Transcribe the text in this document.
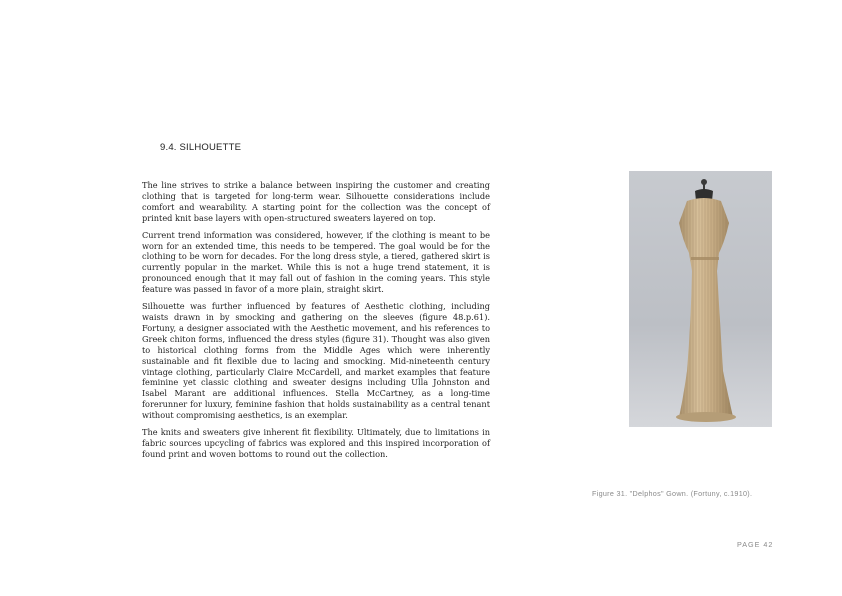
9.4. SILHOUETTE

The line strives to strike a balance between inspiring the customer and creating clothing that is targeted for long-term wear. Silhouette considerations include comfort and wearability. A starting point for the collection was the concept of printed knit base layers with open-structured sweaters layered on top.

Current trend information was considered, however, if the clothing is meant to be worn for an extended time, this needs to be tempered. The goal would be for the clothing to be worn for decades. For the long dress style, a tiered, gathered skirt is currently popular in the market. While this is not a huge trend statement, it is pronounced enough that it may fall out of fashion in the coming years. This style feature was passed in favor of a more plain, straight skirt.

Silhouette was further influenced by features of Aesthetic clothing, including waists drawn in by smocking and gathering on the sleeves (figure 48.p.61). Fortuny, a designer associated with the Aesthetic movement, and his references to Greek chiton forms, influenced the dress styles (figure 31). Thought was also given to historical clothing forms from the Middle Ages which were inherently sustainable and fit flexible due to lacing and smocking. Mid-nineteenth century vintage clothing, particularly Claire McCardell, and market examples that feature feminine yet classic clothing and sweater designs including Ulla Johnston and Isabel Marant are additional influences. Stella McCartney, as a long-time forerunner for luxury, feminine fashion that holds sustainability as a central tenant without compromising aesthetics, is an exemplar.

The knits and sweaters give inherent fit flexibility. Ultimately, due to limitations in fabric sources upcycling of fabrics was explored and this inspired incorporation of found print and woven bottoms to round out the collection.

Figure 31. "Delphos" Gown. (Fortuny, c.1910).
PAGE 42
